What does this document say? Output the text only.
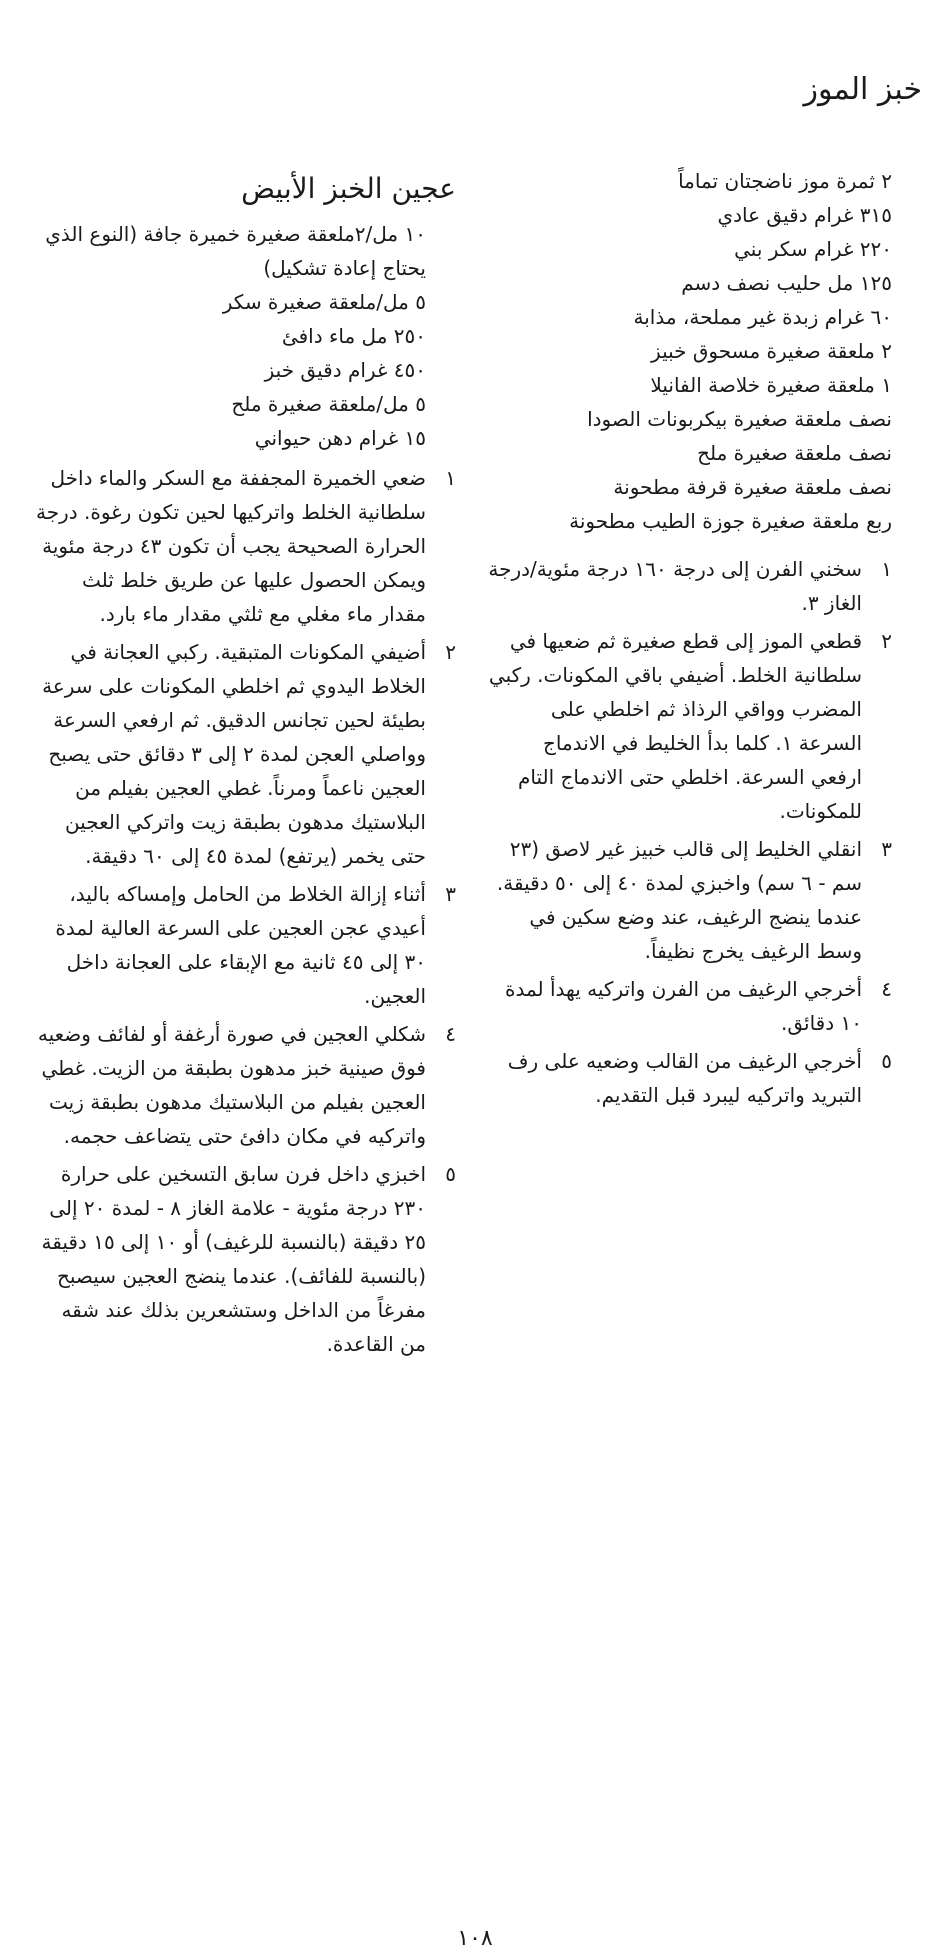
خبز الموز
٢ ثمرة موز ناضجتان تماماً
٣١٥ غرام دقيق عادي
٢٢٠ غرام سكر بني
١٢٥ مل حليب نصف دسم
٦٠ غرام زبدة غير مملحة، مذابة
٢ ملعقة صغيرة مسحوق خبيز
١ ملعقة صغيرة خلاصة الفانيلا
نصف ملعقة صغيرة بيكربونات الصودا
نصف ملعقة صغيرة ملح
نصف ملعقة صغيرة قرفة مطحونة
ربع ملعقة صغيرة جوزة الطيب مطحونة
١
سخني الفرن إلى درجة ١٦٠ درجة مئوية/درجة الغاز ٣.
٢
قطعي الموز إلى قطع صغيرة ثم ضعيها في سلطانية الخلط. أضيفي باقي المكونات. ركبي المضرب وواقي الرذاذ ثم اخلطي على السرعة ١. كلما بدأ الخليط في الاندماج ارفعي السرعة. اخلطي حتى الاندماج التام للمكونات.
٣
انقلي الخليط إلى قالب خبيز غير لاصق (٢٣ سم - ٦ سم) واخبزي لمدة ٤٠ إلى ٥٠ دقيقة. عندما ينضج الرغيف، عند وضع سكين في وسط الرغيف يخرج نظيفاً.
٤
أخرجي الرغيف من الفرن واتركيه يهدأ لمدة ١٠ دقائق.
٥
أخرجي الرغيف من القالب وضعيه على رف التبريد واتركيه ليبرد قبل التقديم.
عجين الخبز الأبيض
١٠ مل/٢ملعقة صغيرة خميرة جافة (النوع الذي يحتاج إعادة تشكيل)
٥ مل/ملعقة صغيرة سكر
٢٥٠ مل ماء دافئ
٤٥٠ غرام دقيق خبز
٥ مل/ملعقة صغيرة ملح
١٥ غرام دهن حيواني
١
ضعي الخميرة المجففة مع السكر والماء داخل سلطانية الخلط واتركيها لحين تكون رغوة. درجة الحرارة الصحيحة يجب أن تكون ٤٣ درجة مئوية ويمكن الحصول عليها عن طريق خلط ثلث مقدار ماء مغلي مع ثلثي مقدار ماء بارد.
٢
أضيفي المكونات المتبقية. ركبي العجانة في الخلاط اليدوي ثم اخلطي المكونات على سرعة بطيئة لحين تجانس الدقيق. ثم ارفعي السرعة وواصلي العجن لمدة ٢ إلى ٣ دقائق حتى يصبح العجين ناعماً ومرناً. غطي العجين بفيلم من البلاستيك مدهون بطبقة زيت واتركي العجين حتى يخمر (يرتفع) لمدة ٤٥ إلى ٦٠ دقيقة.
٣
أثناء إزالة الخلاط من الحامل وإمساكه باليد، أعيدي عجن العجين على السرعة العالية لمدة ٣٠ إلى ٤٥ ثانية مع الإبقاء على العجانة داخل العجين.
٤
شكلي العجين في صورة أرغفة أو لفائف وضعيه فوق صينية خبز مدهون بطبقة من الزيت. غطي العجين بفيلم من البلاستيك مدهون بطبقة زيت واتركيه في مكان دافئ حتى يتضاعف حجمه.
٥
اخبزي داخل فرن سابق التسخين على حرارة ٢٣٠ درجة مئوية - علامة الغاز ٨ - لمدة ٢٠ إلى ٢٥ دقيقة (بالنسبة للرغيف) أو ١٠ إلى ١٥ دقيقة (بالنسبة للفائف). عندما ينضج العجين سيصبح مفرغاً من الداخل وستشعرين بذلك عند شقه من القاعدة.
١٠٨
